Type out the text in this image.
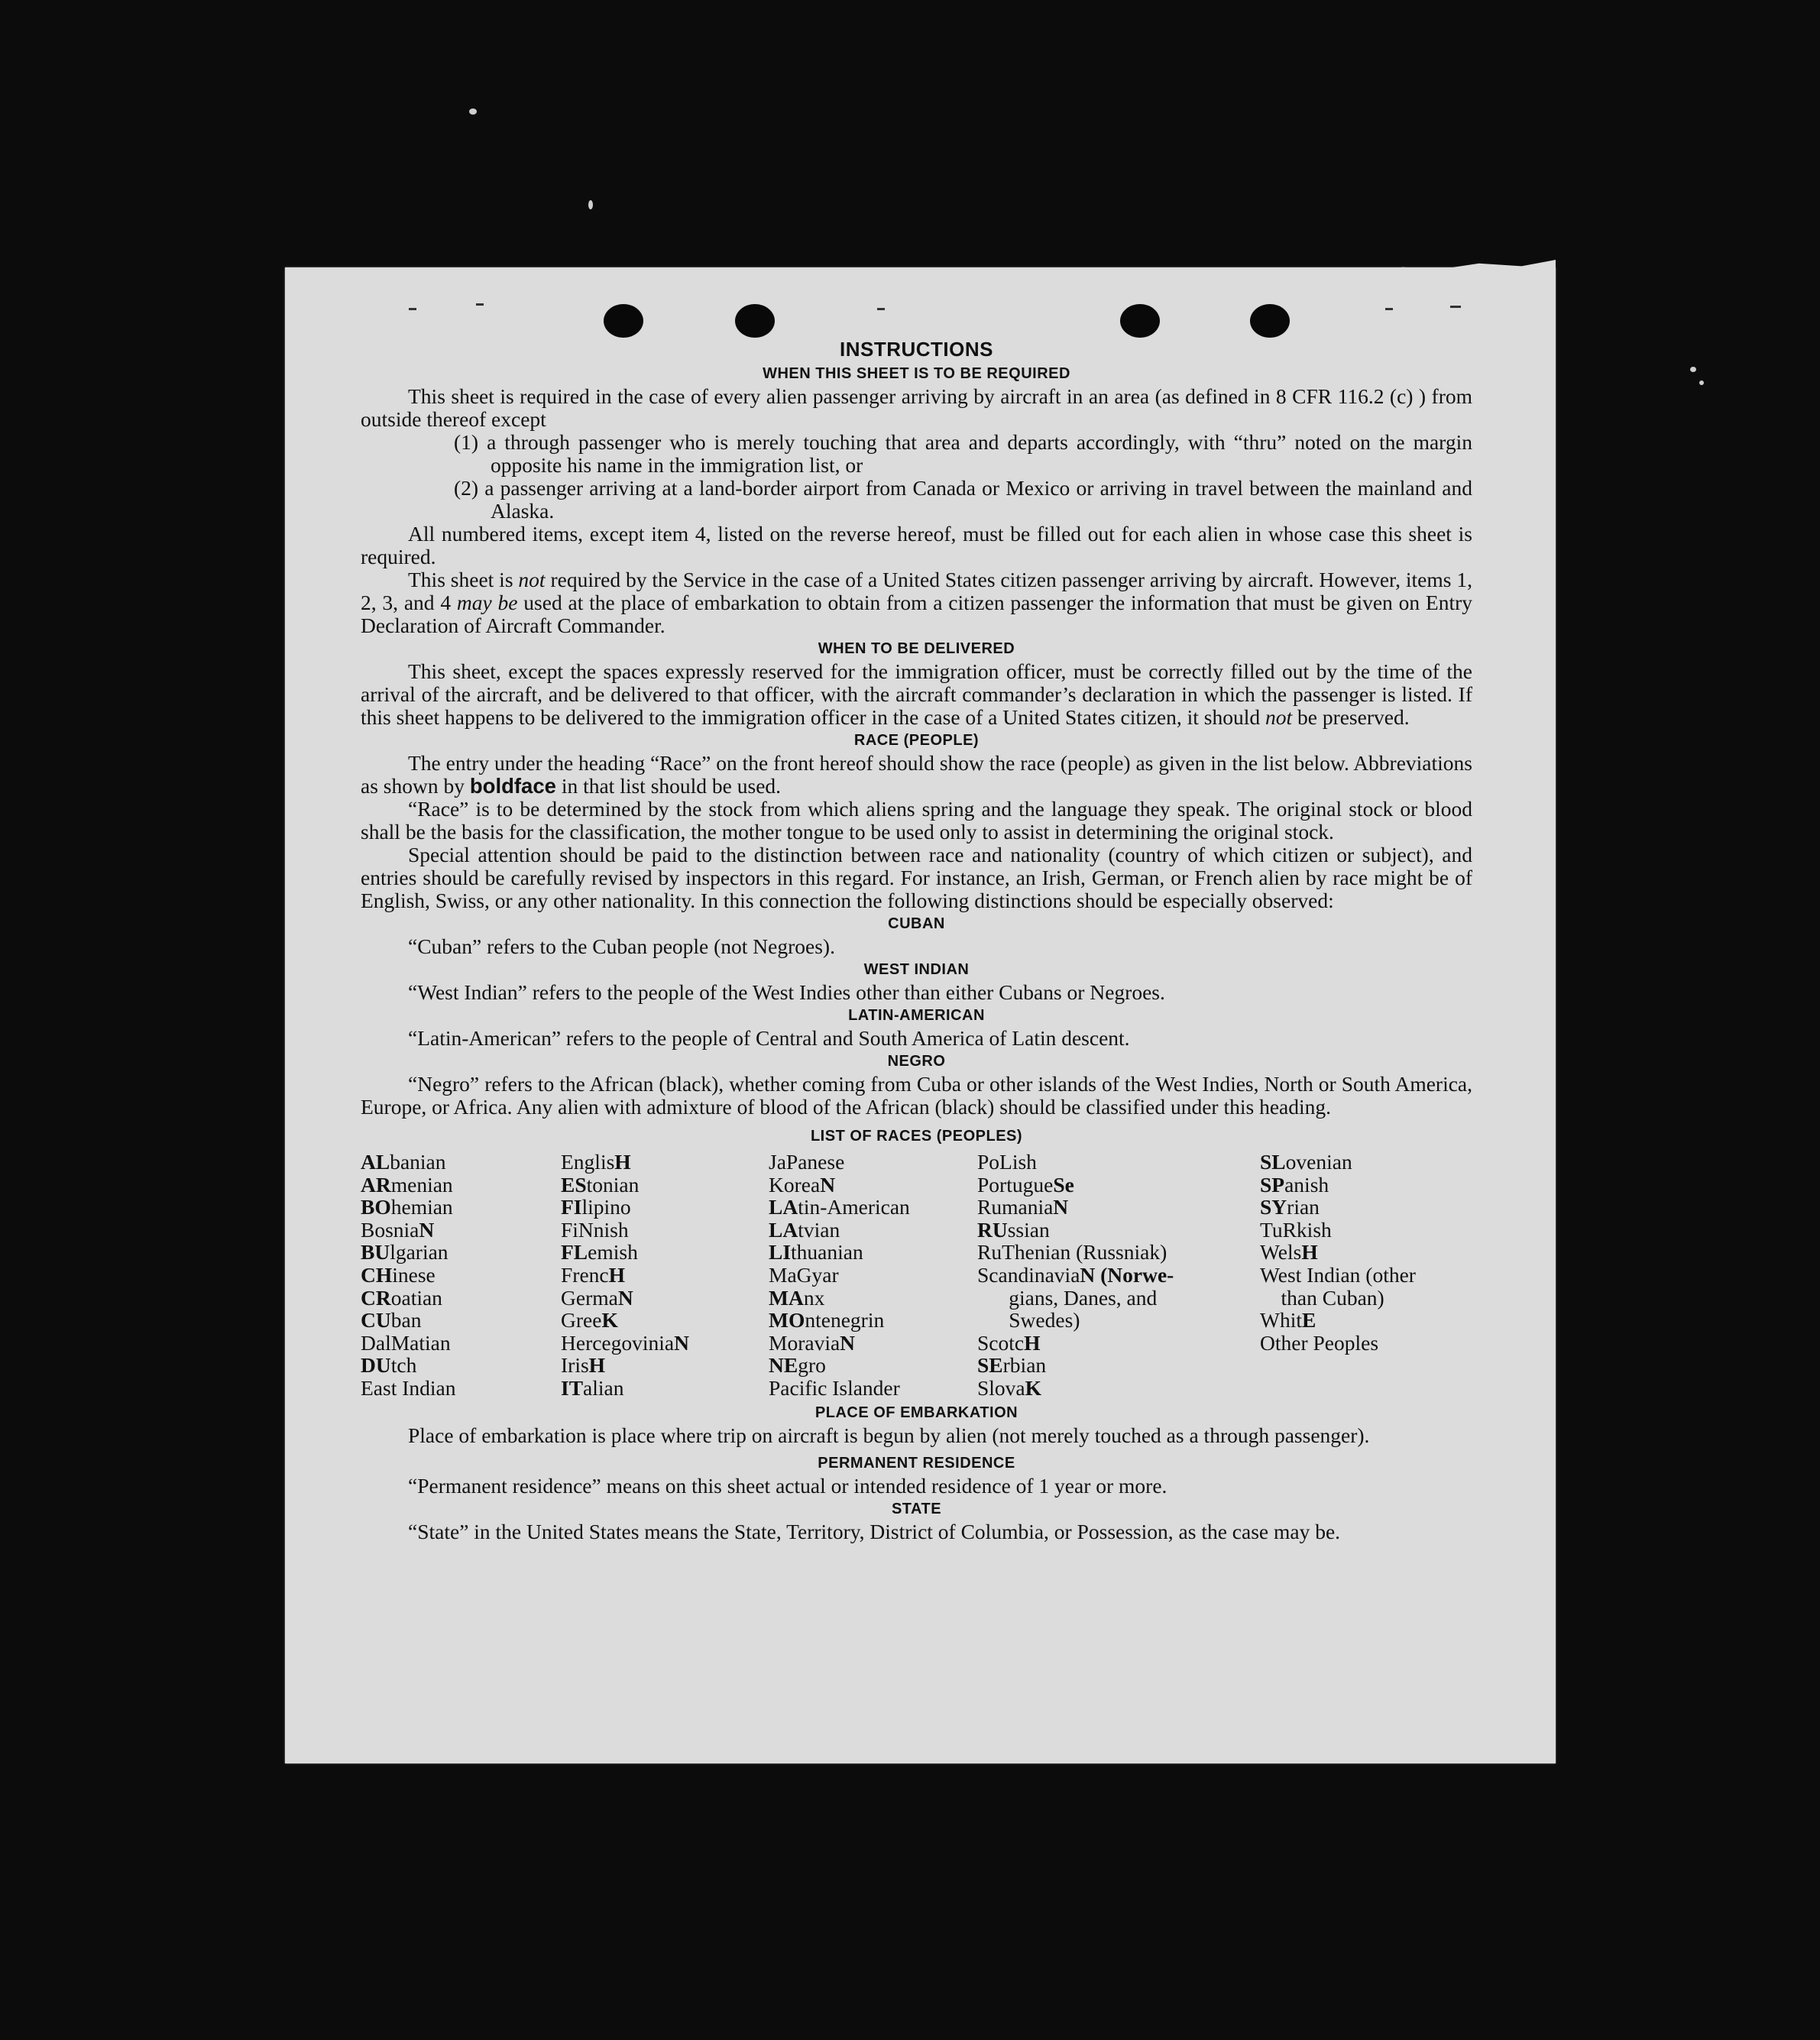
INSTRUCTIONS
WHEN THIS SHEET IS TO BE REQUIRED

This sheet is required in the case of every alien passenger arriving by aircraft in an area (as defined in 8 CFR 116.2 (c) ) from outside thereof except

(1) a through passenger who is merely touching that area and departs accordingly, with “thru” noted on the margin opposite his name in the immigration list, or

(2) a passenger arriving at a land-border airport from Canada or Mexico or arriving in travel between the mainland and Alaska.

All numbered items, except item 4, listed on the reverse hereof, must be filled out for each alien in whose case this sheet is required.

This sheet is not required by the Service in the case of a United States citizen passenger arriving by aircraft. However, items 1, 2, 3, and 4 may be used at the place of embarkation to obtain from a citizen passenger the information that must be given on Entry Declaration of Aircraft Commander.

WHEN TO BE DELIVERED

This sheet, except the spaces expressly reserved for the immigration officer, must be correctly filled out by the time of the arrival of the aircraft, and be delivered to that officer, with the aircraft commander’s declaration in which the passenger is listed. If this sheet happens to be delivered to the immigration officer in the case of a United States citizen, it should not be preserved.

RACE (PEOPLE)

The entry under the heading “Race” on the front hereof should show the race (people) as given in the list below. Abbreviations as shown by boldface in that list should be used.

“Race” is to be determined by the stock from which aliens spring and the language they speak. The original stock or blood shall be the basis for the classification, the mother tongue to be used only to assist in determining the original stock.

Special attention should be paid to the distinction between race and nationality (country of which citizen or subject), and entries should be carefully revised by inspectors in this regard. For instance, an Irish, German, or French alien by race might be of English, Swiss, or any other nationality. In this connection the following distinctions should be especially observed:

CUBAN

“Cuban” refers to the Cuban people (not Negroes).

WEST INDIAN

“West Indian” refers to the people of the West Indies other than either Cubans or Negroes.

LATIN-AMERICAN

“Latin-American” refers to the people of Central and South America of Latin descent.

NEGRO

“Negro” refers to the African (black), whether coming from Cuba or other islands of the West Indies, North or South America, Europe, or Africa. Any alien with admixture of blood of the African (black) should be classified under this heading.

LIST OF RACES (PEOPLES)
ALbanian
ARmenian
BOhemian
BosniaN
BUlgarian
CHinese
CRoatian
CUban
DalMatian
DUtch
East Indian
EnglisH
EStonian
FIlipino
FiNnish
FLemish
FrencH
GermaN
GreeK
HercegoviniaN
IrisH
ITalian
JaPanese
KoreaN
LAtin-American
LAtvian
LIthuanian
MaGyar
MAnx
MOntenegrin
MoraviaN
NEgro
Pacific Islander
PoLish
PortugueSe
RumaniaN
RUssian
RuThenian (Russniak)
ScandinaviaN (Norwe-
  gians, Danes, and
  Swedes)
ScotcH
SErbian
SlovaK
SLovenian
SPanish
SYrian
TuRkish
WelsH
West Indian (other
 than Cuban)
WhitE
Other Peoples
PLACE OF EMBARKATION

Place of embarkation is place where trip on aircraft is begun by alien (not merely touched as a through passenger).

PERMANENT RESIDENCE

“Permanent residence” means on this sheet actual or intended residence of 1 year or more.

STATE

“State” in the United States means the State, Territory, District of Columbia, or Possession, as the case may be.
